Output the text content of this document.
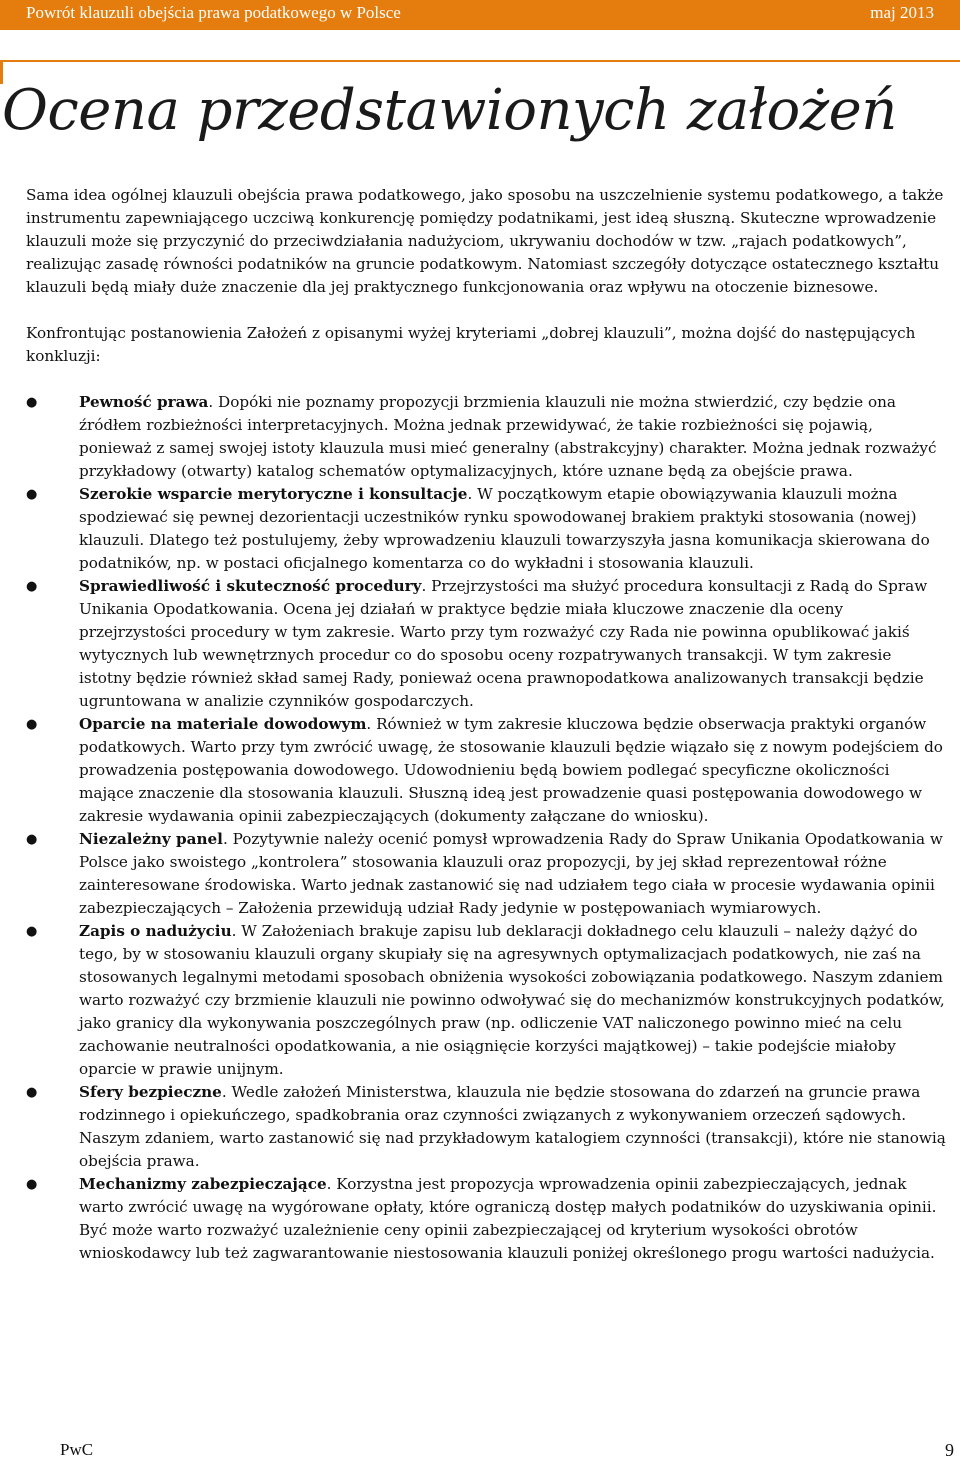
Powrót klauzuli obejścia prawa podatkowego w Polsce	maj 2013
Ocena przedstawionych założeń

Sama idea ogólnej klauzuli obejścia prawa podatkowego, jako sposobu na uszczelnienie systemu podatkowego, a także instrumentu zapewniającego uczciwą konkurencję pomiędzy podatnikami, jest ideą słuszną. Skuteczne wprowadzenie klauzuli może się przyczynić do przeciwdziałania nadużyciom, ukrywaniu dochodów w tzw. „rajach podatkowych”, realizując zasadę równości podatników na gruncie podatkowym. Natomiast szczegóły dotyczące ostatecznego kształtu klauzuli będą miały duże znaczenie dla jej praktycznego funkcjonowania oraz wpływu na otoczenie biznesowe.

Konfrontując postanowienia Założeń z opisanymi wyżej kryteriami „dobrej klauzuli”, można dojść do następujących konkluzji:

●	Pewność prawa. Dopóki nie poznamy propozycji brzmienia klauzuli nie można stwierdzić, czy będzie ona źródłem rozbieżności interpretacyjnych. Można jednak przewidywać, że takie rozbieżności się pojawią, ponieważ z samej swojej istoty klauzula musi mieć generalny (abstrakcyjny) charakter. Można jednak rozważyć przykładowy (otwarty) katalog schematów optymalizacyjnych, które uznane będą za obejście prawa.
●	Szerokie wsparcie merytoryczne i konsultacje. W początkowym etapie obowiązywania klauzuli można spodziewać się pewnej dezorientacji uczestników rynku spowodowanej brakiem praktyki stosowania (nowej) klauzuli. Dlatego też postulujemy, żeby wprowadzeniu klauzuli towarzyszyła jasna komunikacja skierowana do podatników, np. w postaci oficjalnego komentarza co do wykładni i stosowania klauzuli.
●	Sprawiedliwość i skuteczność procedury. Przejrzystości ma służyć procedura konsultacji z Radą do Spraw Unikania Opodatkowania. Ocena jej działań w praktyce będzie miała kluczowe znaczenie dla oceny przejrzystości procedury w tym zakresie. Warto przy tym rozważyć czy Rada nie powinna opublikować jakiś wytycznych lub wewnętrznych procedur co do sposobu oceny rozpatrywanych transakcji. W tym zakresie istotny będzie również skład samej Rady, ponieważ ocena prawnopodatkowa analizowanych transakcji będzie ugruntowana w analizie czynników gospodarczych.
●	Oparcie na materiale dowodowym. Również w tym zakresie kluczowa będzie obserwacja praktyki organów podatkowych. Warto przy tym zwrócić uwagę, że stosowanie klauzuli będzie wiązało się z nowym podejściem do prowadzenia postępowania dowodowego. Udowodnieniu będą bowiem podlegać specyficzne okoliczności mające znaczenie dla stosowania klauzuli. Słuszną ideą jest prowadzenie quasi postępowania dowodowego w zakresie wydawania opinii zabezpieczających (dokumenty załączane do wniosku).
●	Niezależny panel. Pozytywnie należy ocenić pomysł wprowadzenia Rady do Spraw Unikania Opodatkowania w Polsce jako swoistego „kontrolera” stosowania klauzuli oraz propozycji, by jej skład reprezentował różne zainteresowane środowiska. Warto jednak zastanowić się nad udziałem tego ciała w procesie wydawania opinii zabezpieczających – Założenia przewidują udział Rady jedynie w postępowaniach wymiarowych.
●	Zapis o nadużyciu. W Założeniach brakuje zapisu lub deklaracji dokładnego celu klauzuli – należy dążyć do tego, by w stosowaniu klauzuli organy skupiały się na agresywnych optymalizacjach podatkowych, nie zaś na stosowanych legalnymi metodami sposobach obniżenia wysokości zobowiązania podatkowego. Naszym zdaniem warto rozważyć czy brzmienie klauzuli nie powinno odwoływać się do mechanizmów konstrukcyjnych podatków, jako granicy dla wykonywania poszczególnych praw (np. odliczenie VAT naliczonego powinno mieć na celu zachowanie neutralności opodatkowania, a nie osiągnięcie korzyści majątkowej) – takie podejście miałoby oparcie w prawie unijnym.
●	Sfery bezpieczne. Wedle założeń Ministerstwa, klauzula nie będzie stosowana do zdarzeń na gruncie prawa rodzinnego i opiekuńczego, spadkobrania oraz czynności związanych z wykonywaniem orzeczeń sądowych. Naszym zdaniem, warto zastanowić się nad przykładowym katalogiem czynności (transakcji), które nie stanowią obejścia prawa.
●	Mechanizmy zabezpieczające. Korzystna jest propozycja wprowadzenia opinii zabezpieczających, jednak warto zwrócić uwagę na wygórowane opłaty, które ograniczą dostęp małych podatników do uzyskiwania opinii. Być może warto rozważyć uzależnienie ceny opinii zabezpieczającej od kryterium wysokości obrotów wnioskodawcy lub też zagwarantowanie niestosowania klauzuli poniżej określonego progu wartości nadużycia.
PwC	9
